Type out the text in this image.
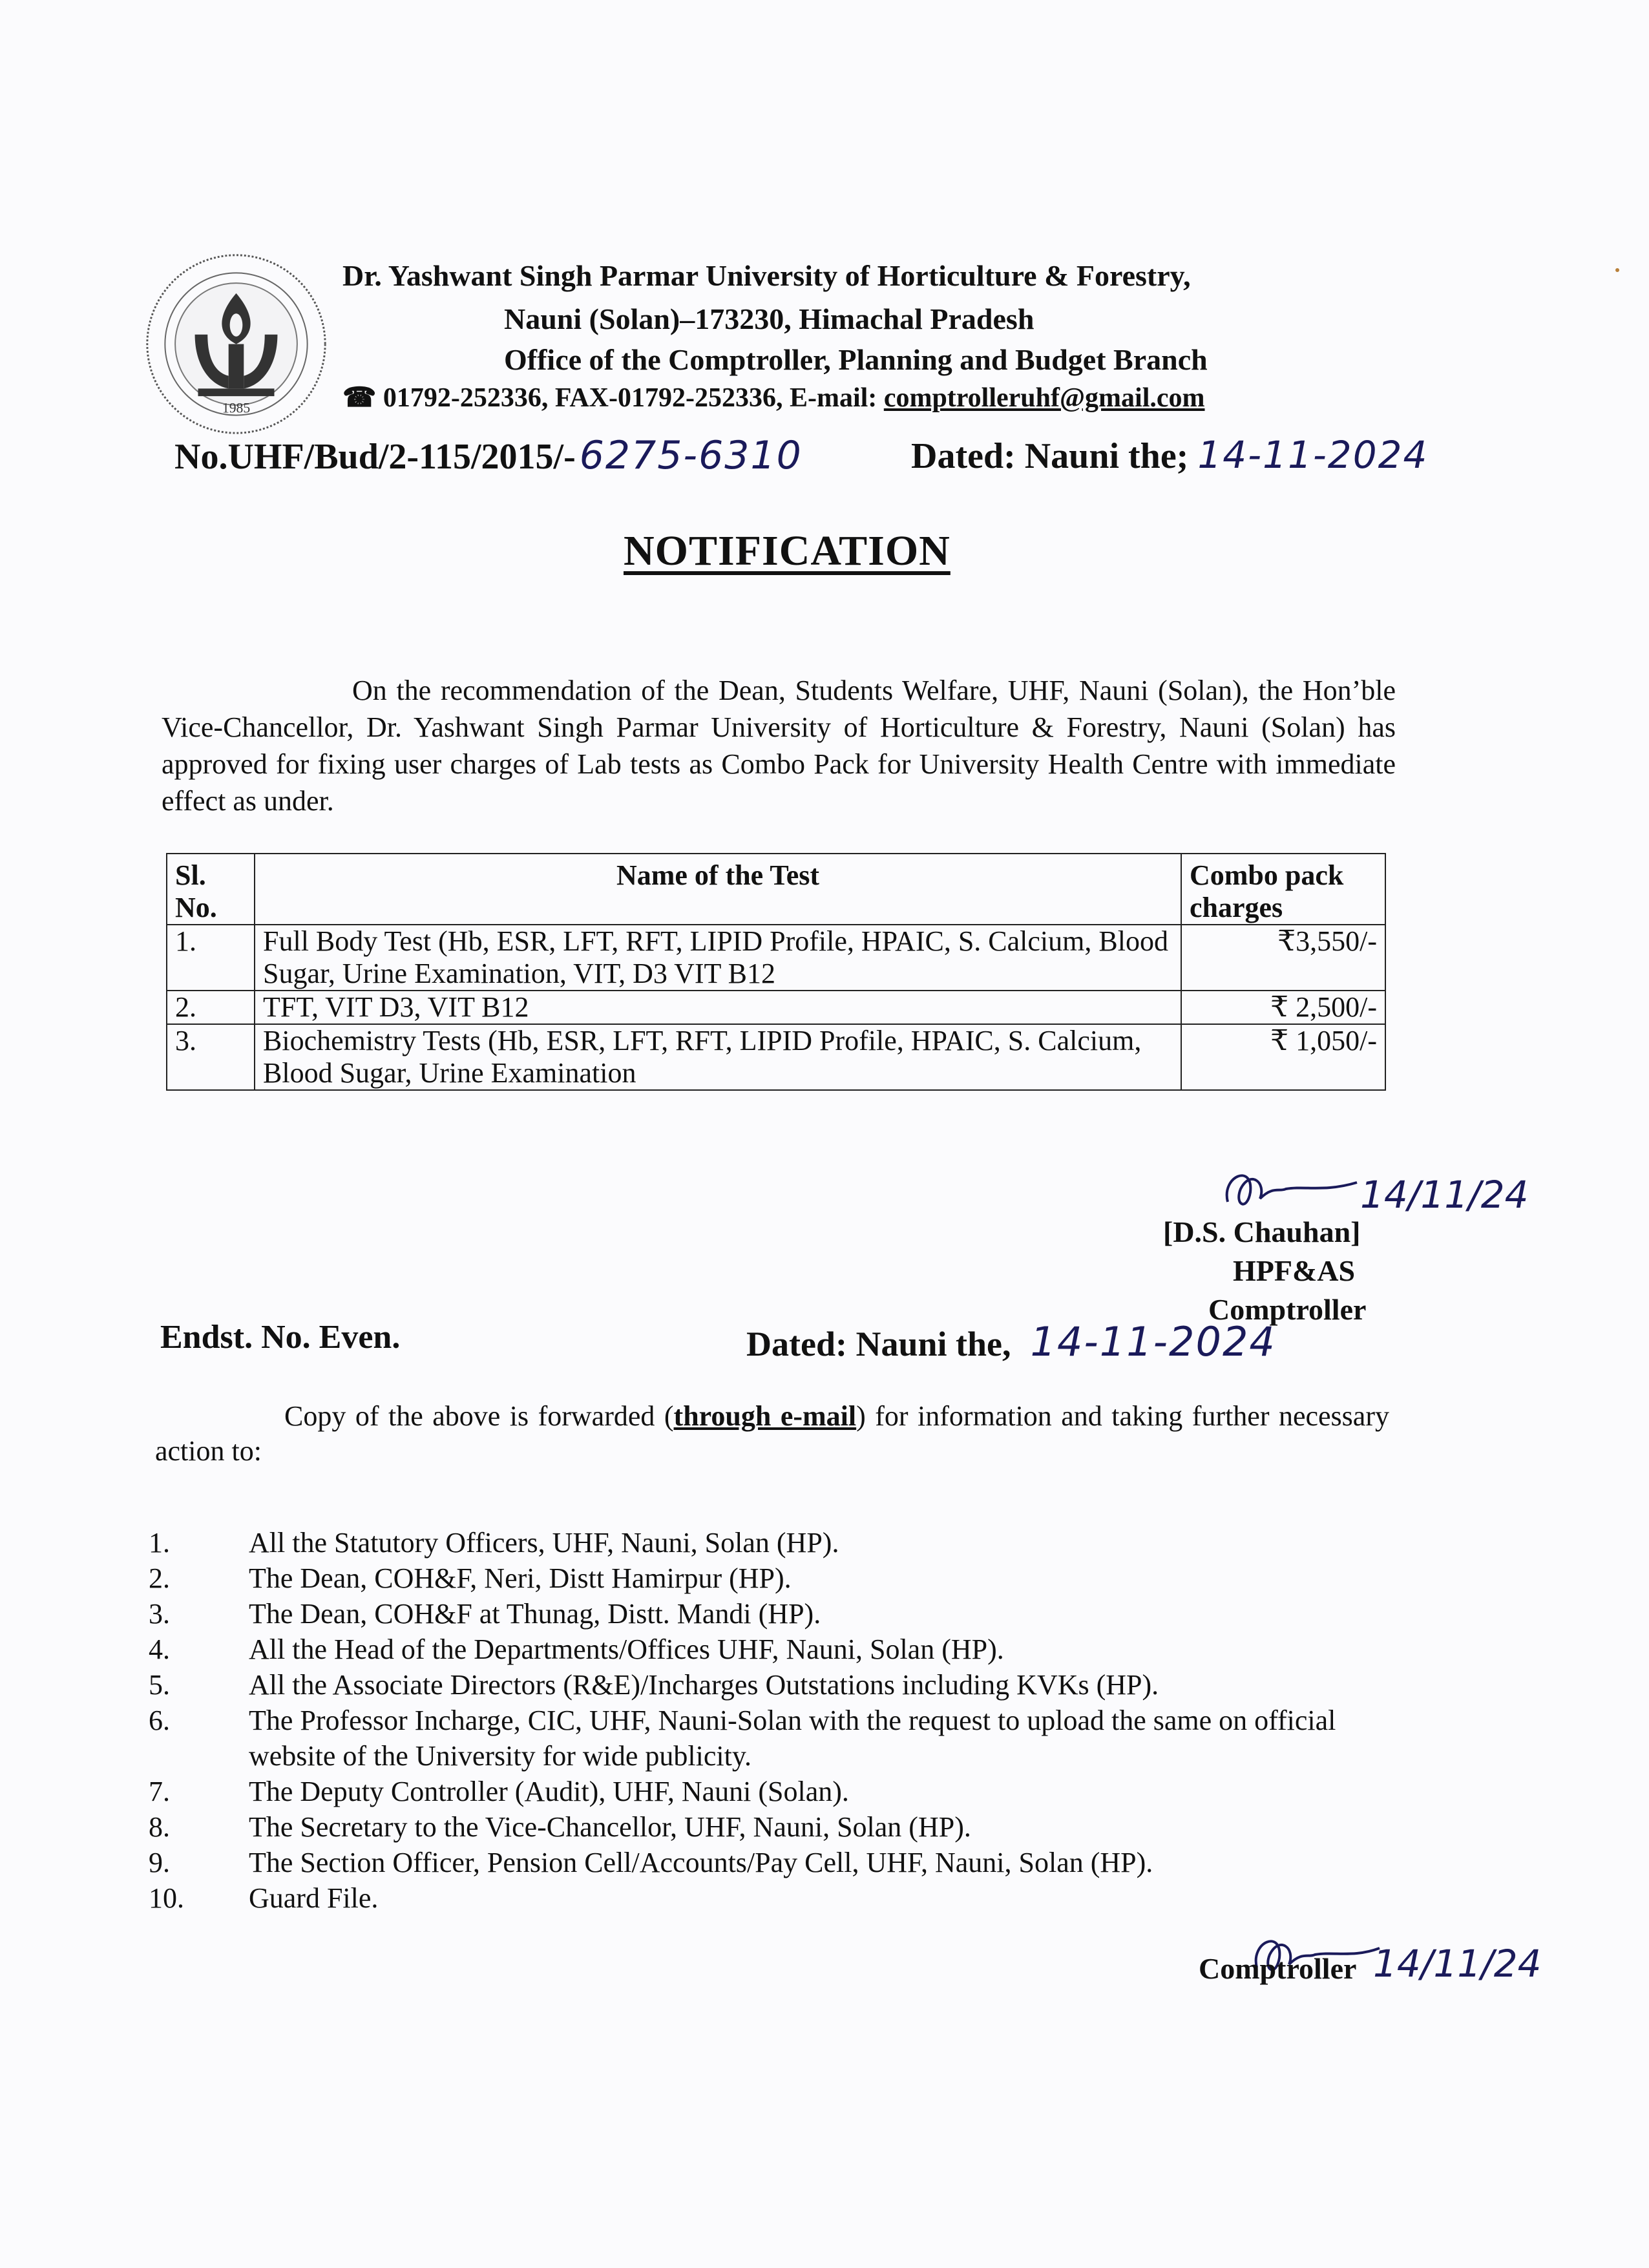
1985
Dr. Yashwant Singh Parmar University of Horticulture & Forestry,
Nauni (Solan)–173230, Himachal Pradesh
Office of the Comptroller, Planning and Budget Branch
☎ 01792-252336, FAX-01792-252336, E-mail: comptrolleruhf@gmail.com
No.UHF/Bud/2-115/2015/- 6275-6310	Dated: Nauni the; 14-11-2024
NOTIFICATION
On the recommendation of the Dean, Students Welfare, UHF, Nauni (Solan), the Hon’ble Vice-Chancellor, Dr. Yashwant Singh Parmar University of Horticulture & Forestry, Nauni (Solan) has approved for fixing user charges of Lab tests as Combo Pack for University Health Centre with immediate effect as under.
Sl. No.	Name of the Test	Combo pack charges
1.	Full Body Test (Hb, ESR, LFT, RFT, LIPID Profile, HPAIC, S. Calcium, Blood Sugar, Urine Examination, VIT, D3 VIT B12	₹3,550/-
2.	TFT, VIT D3, VIT B12	₹ 2,500/-
3.	Biochemistry Tests (Hb, ESR, LFT, RFT, LIPID Profile, HPAIC, S. Calcium, Blood Sugar, Urine Examination	₹ 1,050/-
14/11/24
[D.S. Chauhan]
HPF&AS
Comptroller
Endst. No. Even.	Dated: Nauni the, 14-11-2024
Copy of the above is forwarded (through e-mail) for information and taking further necessary action to:
1.	All the Statutory Officers, UHF, Nauni, Solan (HP).
2.	The Dean, COH&F, Neri, Distt Hamirpur (HP).
3.	The Dean, COH&F at Thunag, Distt. Mandi (HP).
4.	All the Head of the Departments/Offices UHF, Nauni, Solan (HP).
5.	All the Associate Directors (R&E)/Incharges Outstations including KVKs (HP).
6.	The Professor Incharge, CIC, UHF, Nauni-Solan with the request to upload the same on official website of the University for wide publicity.
7.	The Deputy Controller (Audit), UHF, Nauni (Solan).
8.	The Secretary to the Vice-Chancellor, UHF, Nauni, Solan (HP).
9.	The Section Officer, Pension Cell/Accounts/Pay Cell, UHF, Nauni, Solan (HP).
10.	Guard File.
14/11/24
Comptroller
